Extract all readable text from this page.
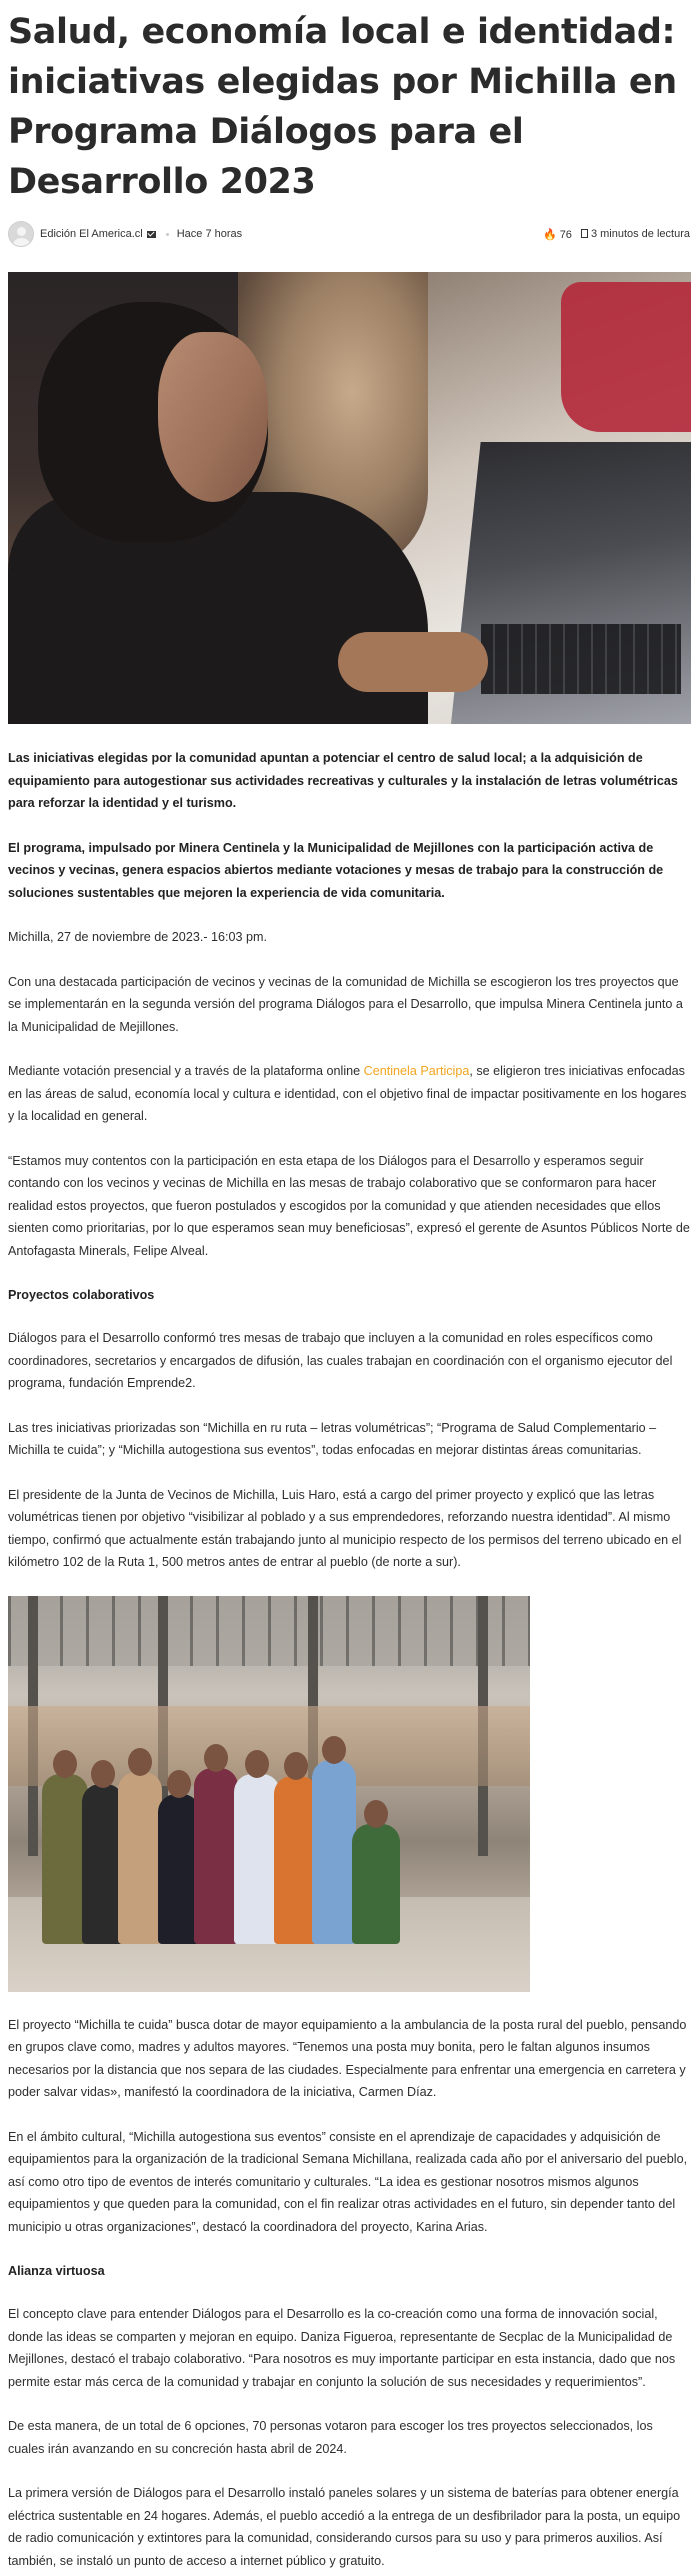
Salud, economía local e identidad: iniciativas elegidas por Michilla en Programa Diálogos para el Desarrollo 2023
Edición El America.cl	Hace 7 horas	🔥 76	3 minutos de lectura

Las iniciativas elegidas por la comunidad apuntan a potenciar el centro de salud local; a la adquisición de equipamiento para autogestionar sus actividades recreativas y culturales y la instalación de letras volumétricas para reforzar la identidad y el turismo.

El programa, impulsado por Minera Centinela y la Municipalidad de Mejillones con la participación activa de vecinos y vecinas, genera espacios abiertos mediante votaciones y mesas de trabajo para la construcción de soluciones sustentables que mejoren la experiencia de vida comunitaria.

Michilla, 27 de noviembre de 2023.- 16:03 pm.

Con una destacada participación de vecinos y vecinas de la comunidad de Michilla se escogieron los tres proyectos que se implementarán en la segunda versión del programa Diálogos para el Desarrollo, que impulsa Minera Centinela junto a la Municipalidad de Mejillones.

Mediante votación presencial y a través de la plataforma online Centinela Participa, se eligieron tres iniciativas enfocadas en las áreas de salud, economía local y cultura e identidad, con el objetivo final de impactar positivamente en los hogares y la localidad en general.

“Estamos muy contentos con la participación en esta etapa de los Diálogos para el Desarrollo y esperamos seguir contando con los vecinos y vecinas de Michilla en las mesas de trabajo colaborativo que se conformaron para hacer realidad estos proyectos, que fueron postulados y escogidos por la comunidad y que atienden necesidades que ellos sienten como prioritarias, por lo que esperamos sean muy beneficiosas”, expresó el gerente de Asuntos Públicos Norte de Antofagasta Minerals, Felipe Alveal.

Proyectos colaborativos

Diálogos para el Desarrollo conformó tres mesas de trabajo que incluyen a la comunidad en roles específicos como coordinadores, secretarios y encargados de difusión, las cuales trabajan en coordinación con el organismo ejecutor del programa, fundación Emprende2.

Las tres iniciativas priorizadas son “Michilla en ru ruta – letras volumétricas”; “Programa de Salud Complementario – Michilla te cuida”; y “Michilla autogestiona sus eventos”, todas enfocadas en mejorar distintas áreas comunitarias.

El presidente de la Junta de Vecinos de Michilla, Luis Haro, está a cargo del primer proyecto y explicó que las letras volumétricas tienen por objetivo “visibilizar al poblado y a sus emprendedores, reforzando nuestra identidad”. Al mismo tiempo, confirmó que actualmente están trabajando junto al municipio respecto de los permisos del terreno ubicado en el kilómetro 102 de la Ruta 1, 500 metros antes de entrar al pueblo (de norte a sur).

El proyecto “Michilla te cuida” busca dotar de mayor equipamiento a la ambulancia de la posta rural del pueblo, pensando en grupos clave como, madres y adultos mayores. “Tenemos una posta muy bonita, pero le faltan algunos insumos necesarios por la distancia que nos separa de las ciudades. Especialmente para enfrentar una emergencia en carretera y poder salvar vidas», manifestó la coordinadora de la iniciativa, Carmen Díaz.

En el ámbito cultural, “Michilla autogestiona sus eventos” consiste en el aprendizaje de capacidades y adquisición de equipamientos para la organización de la tradicional Semana Michillana, realizada cada año por el aniversario del pueblo, así como otro tipo de eventos de interés comunitario y culturales. “La idea es gestionar nosotros mismos algunos equipamientos y que queden para la comunidad, con el fin realizar otras actividades en el futuro, sin depender tanto del municipio u otras organizaciones”, destacó la coordinadora del proyecto, Karina Arias.

Alianza virtuosa

El concepto clave para entender Diálogos para el Desarrollo es la co-creación como una forma de innovación social, donde las ideas se comparten y mejoran en equipo. Daniza Figueroa, representante de Secplac de la Municipalidad de Mejillones, destacó el trabajo colaborativo. “Para nosotros es muy importante participar en esta instancia, dado que nos permite estar más cerca de la comunidad y trabajar en conjunto la solución de sus necesidades y requerimientos”.

De esta manera, de un total de 6 opciones, 70 personas votaron para escoger los tres proyectos seleccionados, los cuales irán avanzando en su concreción hasta abril de 2024.

La primera versión de Diálogos para el Desarrollo instaló paneles solares y un sistema de baterías para obtener energía eléctrica sustentable en 24 hogares. Además, el pueblo accedió a la entrega de un desfibrilador para la posta, un equipo de radio comunicación y extintores para la comunidad, considerando cursos para su uso y para primeros auxilios. Así también, se instaló un punto de acceso a internet público y gratuito.
